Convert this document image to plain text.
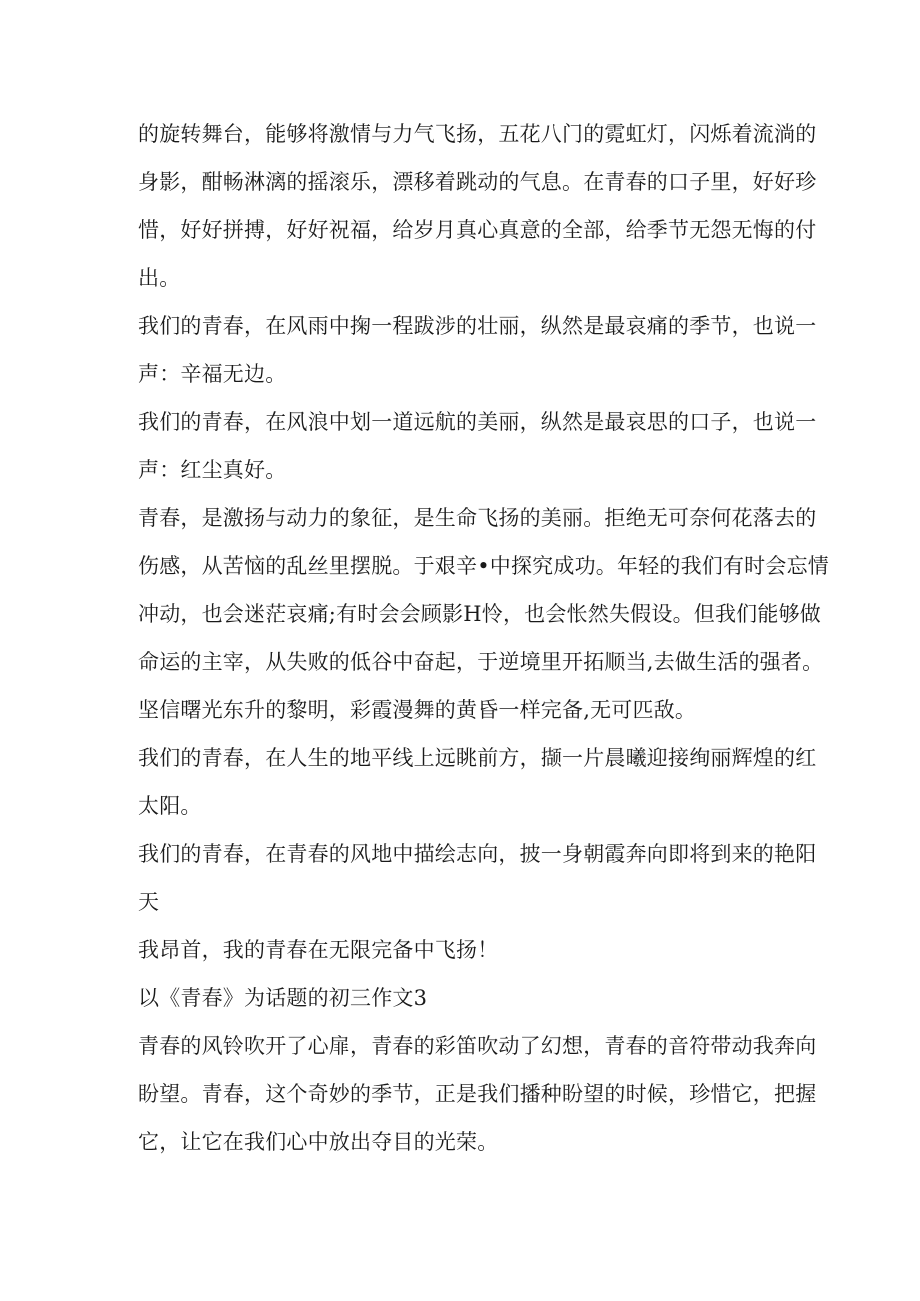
的旋转舞台，能够将激情与力气飞扬，五花八门的霓虹灯，闪烁着流淌的
身影，酣畅淋漓的摇滚乐，漂移着跳动的气息。在青春的口子里，好好珍
惜，好好拼搏，好好祝福，给岁月真心真意的全部，给季节无怨无悔的付
出。
我们的青春，在风雨中掬一程跋涉的壮丽，纵然是最哀痛的季节，也说一
声：辛福无边。
我们的青春，在风浪中划一道远航的美丽，纵然是最哀思的口子，也说一
声：红尘真好。
青春，是激扬与动力的象征，是生命飞扬的美丽。拒绝无可奈何花落去的
伤感，从苦恼的乱丝里摆脱。于艰辛•中探究成功。年轻的我们有时会忘情
冲动，也会迷茫哀痛;有时会会顾影H怜，也会怅然失假设。但我们能够做
命运的主宰，从失败的低谷中奋起，于逆境里开拓顺当,去做生活的强者。
坚信曙光东升的黎明，彩霞漫舞的黄昏一样完备,无可匹敌。
我们的青春，在人生的地平线上远眺前方，撷一片晨曦迎接绚丽辉煌的红
太阳。
我们的青春，在青春的风地中描绘志向，披一身朝霞奔向即将到来的艳阳
天
我昂首，我的青春在无限完备中飞扬！
以《青春》为话题的初三作文3
青春的风铃吹开了心扉，青春的彩笛吹动了幻想，青春的音符带动我奔向
盼望。青春，这个奇妙的季节，正是我们播种盼望的时候，珍惜它，把握
它，让它在我们心中放出夺目的光荣。
